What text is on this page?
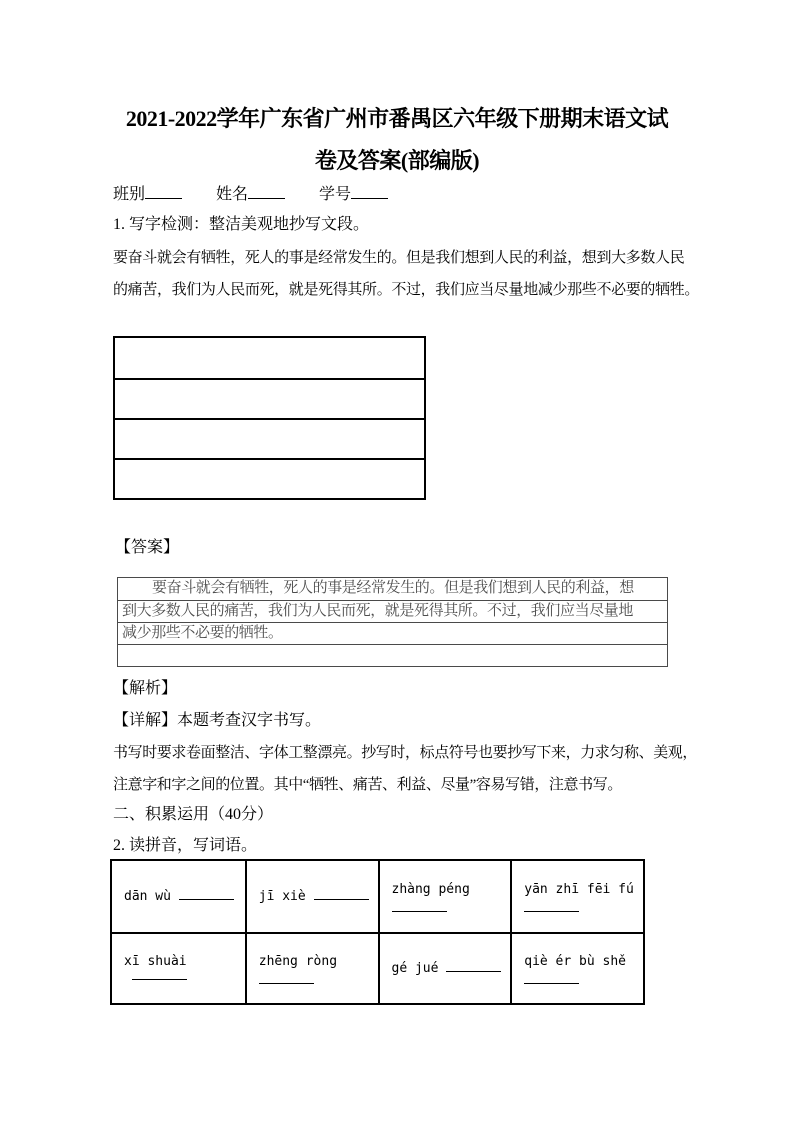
2021-2022学年广东省广州市番禺区六年级下册期末语文试
卷及答案(部编版)
班别	姓名	学号
1. 写字检测：整洁美观地抄写文段。
要奋斗就会有牺牲，死人的事是经常发生的。但是我们想到人民的利益，想到大多数人民
的痛苦，我们为人民而死，就是死得其所。不过，我们应当尽量地减少那些不必要的牺牲。
【答案】
要奋斗就会有牺牲，死人的事是经常发生的。但是我们想到人民的利益，想
到大多数人民的痛苦，我们为人民而死，就是死得其所。不过，我们应当尽量地
减少那些不必要的牺牲。
【解析】
【详解】本题考查汉字书写。
书写时要求卷面整洁、字体工整漂亮。抄写时，标点符号也要抄写下来，力求匀称、美观，
注意字和字之间的位置。其中“牺牲、痛苦、利益、尽量”容易写错，注意书写。
二、积累运用（40分）
2. 读拼音，写词语。
dān wù	jī xiè	zhàng péng	yān zhī fēi fú
xī shuài	zhēng ròng	gé jué	qiè ér bù shě
